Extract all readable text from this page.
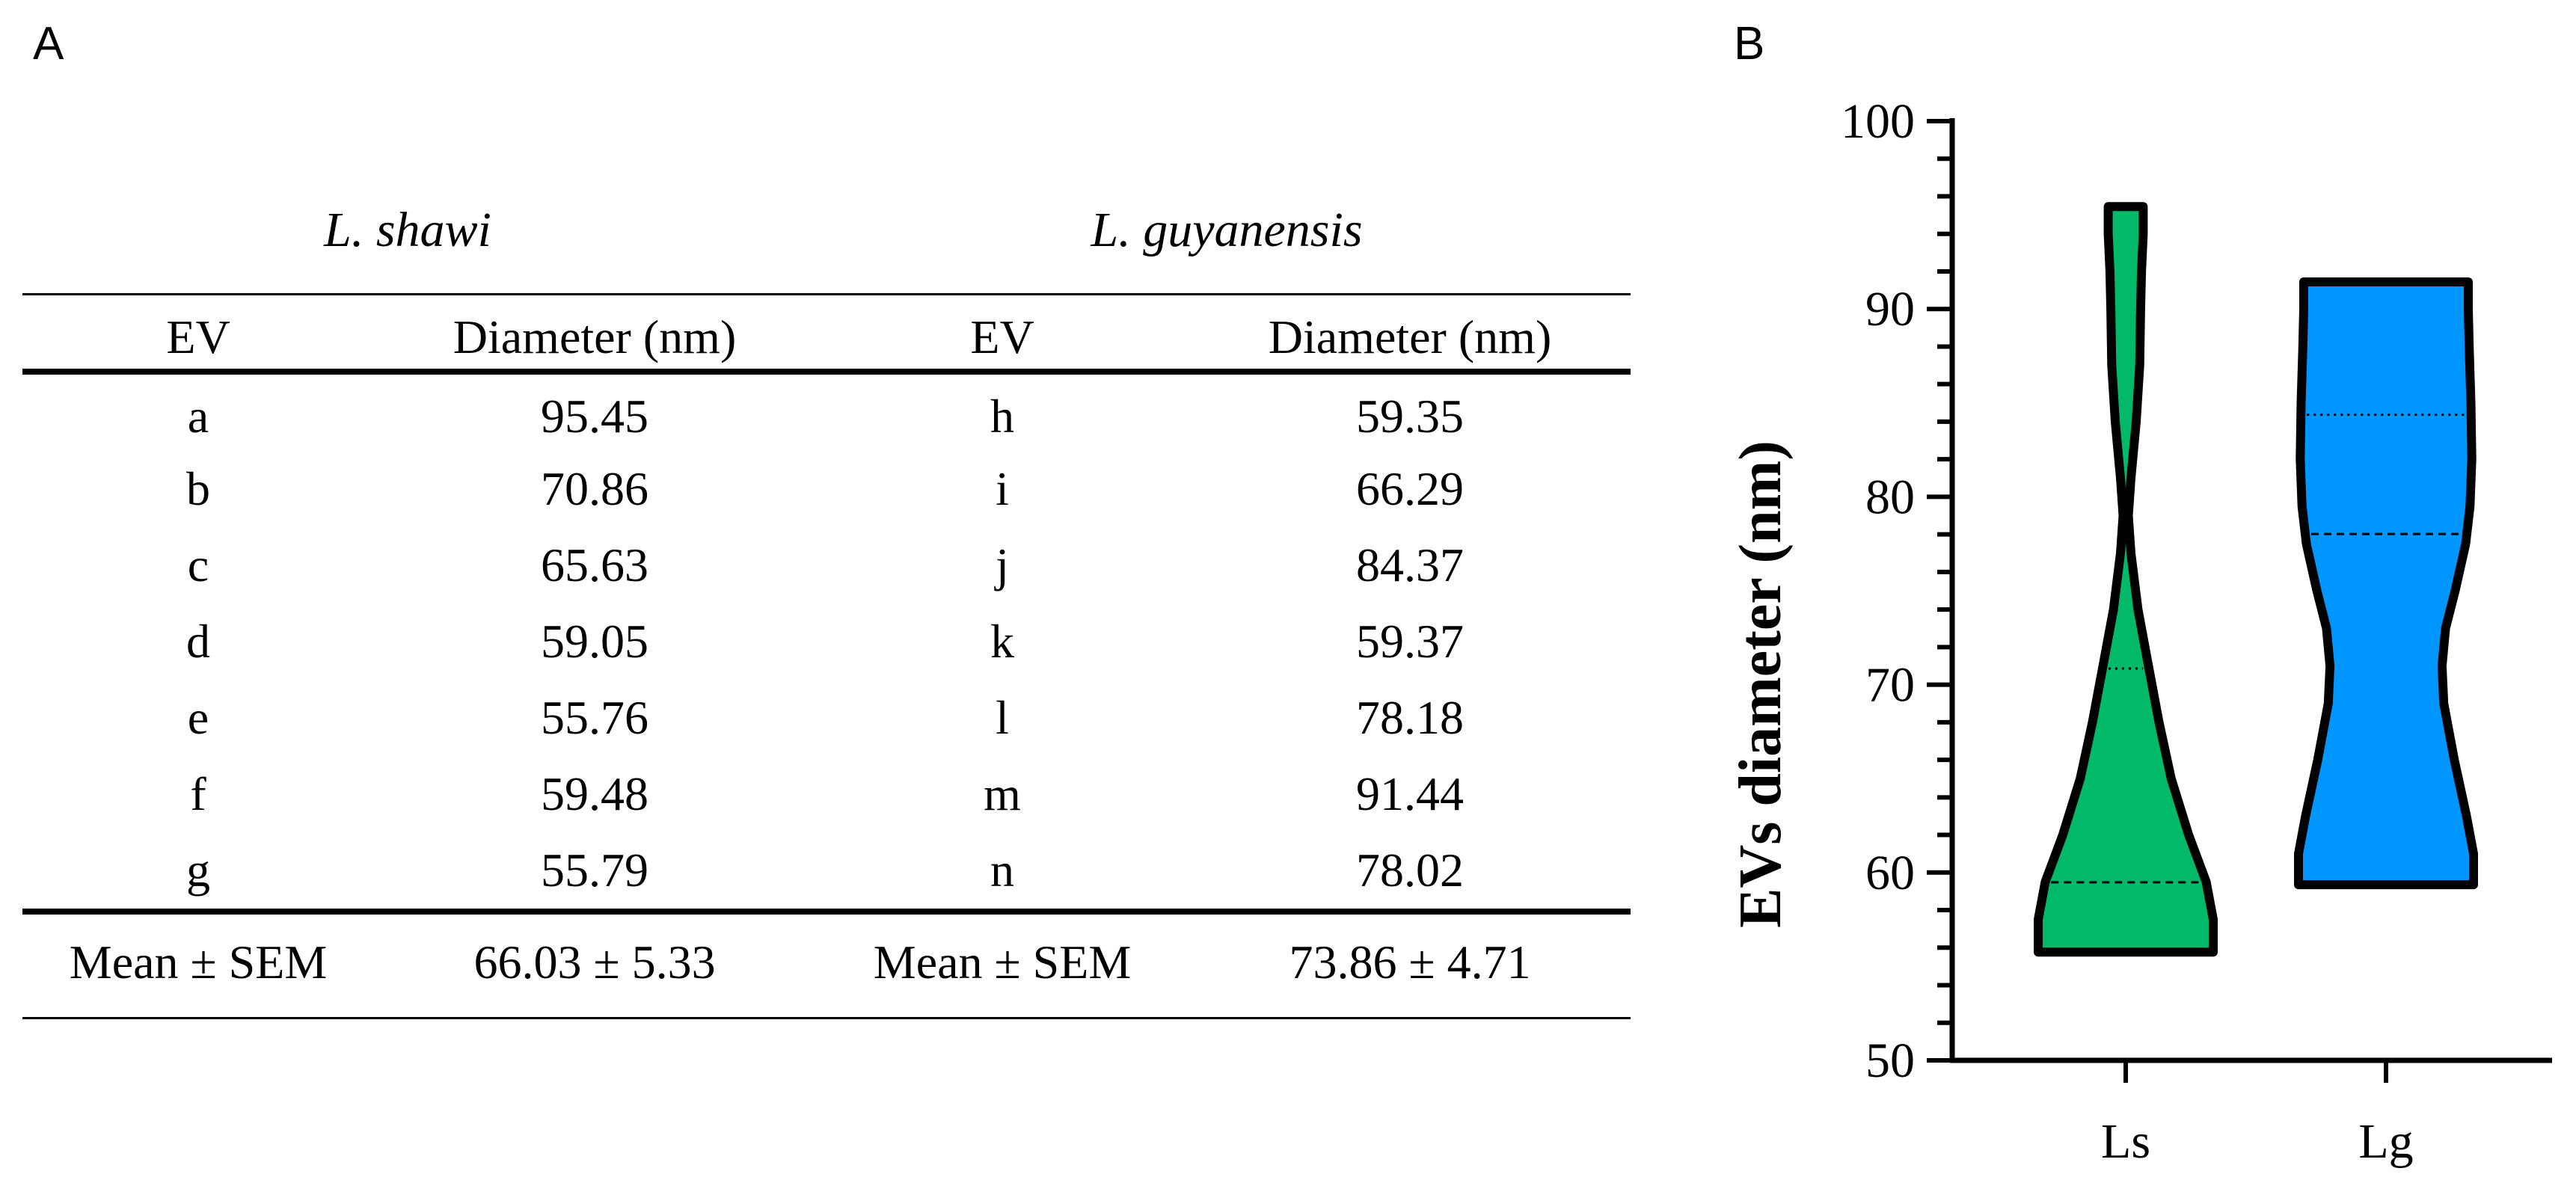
A	B
L. shawi	L. guyanensis
EV	Diameter (nm)	EV	Diameter (nm)
a	95.45	h	59.35
b	70.86	i	66.29
c	65.63	j	84.37
d	59.05	k	59.37
e	55.76	l	78.18
f	59.48	m	91.44
g	55.79	n	78.02
Mean ± SEM	66.03 ± 5.33	Mean ± SEM	73.86 ± 4.71
50
60
70
80
90
100
Ls	Lg
EVs diameter (nm)
